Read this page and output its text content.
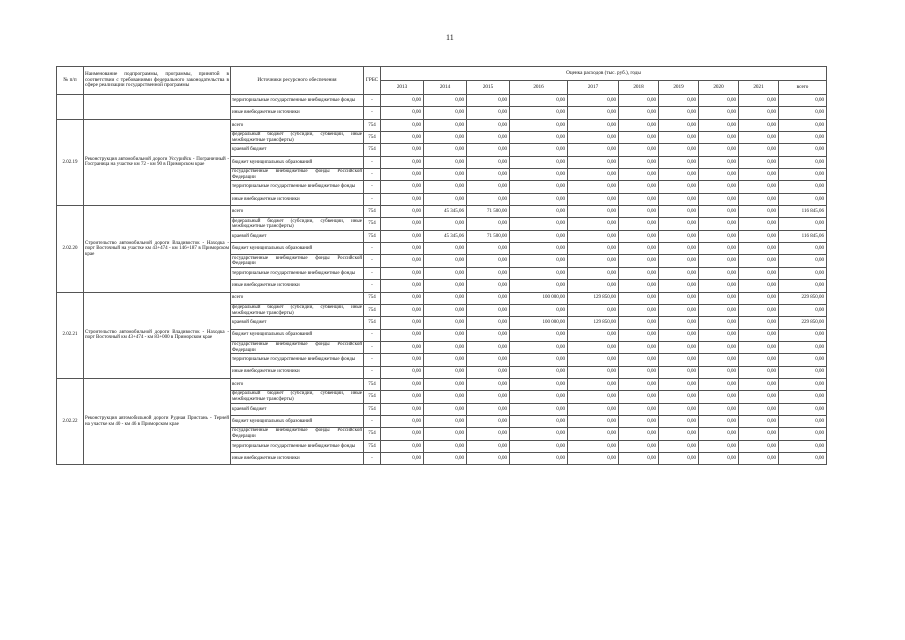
11
№ п/п	Наименование подпрограммы, программы, принятой в соответствии с требованиями федерального законодательства в сфере реализации государственной программы	Источники ресурсного обеспечения	ГРБС	Оценка расходов (тыс. руб.), годы									
				2013	2014	2015	2016	2017	2018	2019	2020	2021	всего
		территориальные государственные внебюджетные фонды	-	0,00	0,00	0,00	0,00	0,00	0,00	0,00	0,00	0,00	0,00
		иные внебюджетные источники	-	0,00	0,00	0,00	0,00	0,00	0,00	0,00	0,00	0,00	0,00
2.02.19	Реконструкция автомобильной дороги Уссурийск - Пограничный - Госграница на участке км 72 - км 90 в Приморском крае	всего	754	0,00	0,00	0,00	0,00	0,00	0,00	0,00	0,00	0,00	0,00
		федеральный бюджет (субсидии, субвенции, иные межбюджетные трансферты)	754	0,00	0,00	0,00	0,00	0,00	0,00	0,00	0,00	0,00	0,00
		краевой бюджет	754	0,00	0,00	0,00	0,00	0,00	0,00	0,00	0,00	0,00	0,00
		бюджет муниципальных образований	-	0,00	0,00	0,00	0,00	0,00	0,00	0,00	0,00	0,00	0,00
		государственные внебюджетные фонды Российской Федерации	-	0,00	0,00	0,00	0,00	0,00	0,00	0,00	0,00	0,00	0,00
		территориальные государственные внебюджетные фонды	-	0,00	0,00	0,00	0,00	0,00	0,00	0,00	0,00	0,00	0,00
		иные внебюджетные источники	-	0,00	0,00	0,00	0,00	0,00	0,00	0,00	0,00	0,00	0,00
2.02.20	Строительство автомобильной дороги Владивосток - Находка - порт Восточный на участке км 43+474 - км 146+187 в Приморском крае	всего	754	0,00	45 345,06	71 500,00	0,00	0,00	0,00	0,00	0,00	0,00	116 845,06
		федеральный бюджет (субсидии, субвенции, иные межбюджетные трансферты)	754	0,00	0,00	0,00	0,00	0,00	0,00	0,00	0,00	0,00	0,00
		краевой бюджет	754	0,00	45 345,06	71 500,00	0,00	0,00	0,00	0,00	0,00	0,00	116 845,06
		бюджет муниципальных образований	-	0,00	0,00	0,00	0,00	0,00	0,00	0,00	0,00	0,00	0,00
		государственные внебюджетные фонды Российской Федерации	-	0,00	0,00	0,00	0,00	0,00	0,00	0,00	0,00	0,00	0,00
		территориальные государственные внебюджетные фонды	-	0,00	0,00	0,00	0,00	0,00	0,00	0,00	0,00	0,00	0,00
		иные внебюджетные источники	-	0,00	0,00	0,00	0,00	0,00	0,00	0,00	0,00	0,00	0,00
2.02.21	Строительство автомобильной дороги Владивосток - Находка - порт Восточный км 43+474 - км 83+000 в Приморском крае	всего	754	0,00	0,00	0,00	100 000,00	129 850,00	0,00	0,00	0,00	0,00	229 850,00
		федеральный бюджет (субсидии, субвенции, иные межбюджетные трансферты)	754	0,00	0,00	0,00	0,00	0,00	0,00	0,00	0,00	0,00	0,00
		краевой бюджет	754	0,00	0,00	0,00	100 000,00	129 850,00	0,00	0,00	0,00	0,00	229 850,00
		бюджет муниципальных образований	-	0,00	0,00	0,00	0,00	0,00	0,00	0,00	0,00	0,00	0,00
		государственные внебюджетные фонды Российской Федерации	-	0,00	0,00	0,00	0,00	0,00	0,00	0,00	0,00	0,00	0,00
		территориальные государственные внебюджетные фонды	-	0,00	0,00	0,00	0,00	0,00	0,00	0,00	0,00	0,00	0,00
		иные внебюджетные источники	-	0,00	0,00	0,00	0,00	0,00	0,00	0,00	0,00	0,00	0,00
2.02.22	Реконструкция автомобильной дороги Рудная Пристань - Терней на участке км 40 - км 46 в Приморском крае	всего	754	0,00	0,00	0,00	0,00	0,00	0,00	0,00	0,00	0,00	0,00
		федеральный бюджет (субсидии, субвенции, иные межбюджетные трансферты)	754	0,00	0,00	0,00	0,00	0,00	0,00	0,00	0,00	0,00	0,00
		краевой бюджет	754	0,00	0,00	0,00	0,00	0,00	0,00	0,00	0,00	0,00	0,00
		бюджет муниципальных образований	-	0,00	0,00	0,00	0,00	0,00	0,00	0,00	0,00	0,00	0,00
		государственные внебюджетные фонды Российской Федерации	754	0,00	0,00	0,00	0,00	0,00	0,00	0,00	0,00	0,00	0,00
		территориальные государственные внебюджетные фонды	754	0,00	0,00	0,00	0,00	0,00	0,00	0,00	0,00	0,00	0,00
		иные внебюджетные источники	-	0,00	0,00	0,00	0,00	0,00	0,00	0,00	0,00	0,00	0,00
